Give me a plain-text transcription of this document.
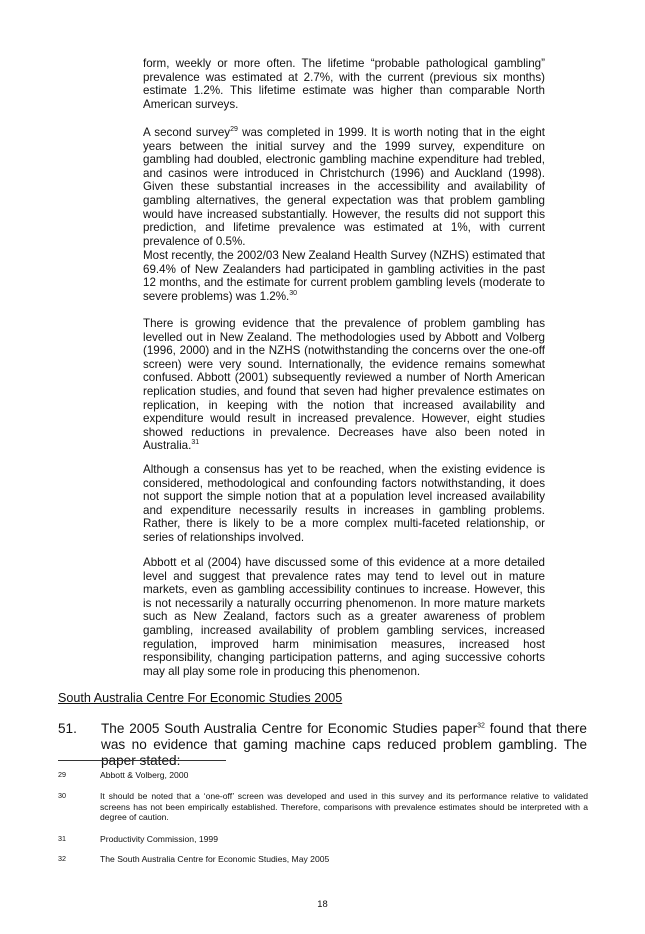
form, weekly or more often. The lifetime “probable pathological gambling” prevalence was estimated at 2.7%, with the current (previous six months) estimate 1.2%. This lifetime estimate was higher than comparable North American surveys.

A second survey$^{29}$ was completed in 1999. It is worth noting that in the eight years between the initial survey and the 1999 survey, expenditure on gambling had doubled, electronic gambling machine expenditure had trebled, and casinos were introduced in Christchurch (1996) and Auckland (1998). Given these substantial increases in the accessibility and availability of gambling alternatives, the general expectation was that problem gambling would have increased substantially. However, the results did not support this prediction, and lifetime prevalence was estimated at 1%, with current prevalence of 0.5%.

Most recently, the 2002/03 New Zealand Health Survey (NZHS) estimated that 69.4% of New Zealanders had participated in gambling activities in the past 12 months, and the estimate for current problem gambling levels (moderate to severe problems) was 1.2%.$^{30}$

There is growing evidence that the prevalence of problem gambling has levelled out in New Zealand. The methodologies used by Abbott and Volberg (1996, 2000) and in the NZHS (notwithstanding the concerns over the one-off screen) were very sound. Internationally, the evidence remains somewhat confused. Abbott (2001) subsequently reviewed a number of North American replication studies, and found that seven had higher prevalence estimates on replication, in keeping with the notion that increased availability and expenditure would result in increased prevalence. However, eight studies showed reductions in prevalence. Decreases have also been noted in Australia.$^{31}$

Although a consensus has yet to be reached, when the existing evidence is considered, methodological and confounding factors notwithstanding, it does not support the simple notion that at a population level increased availability and expenditure necessarily results in increases in gambling problems. Rather, there is likely to be a more complex multi-faceted relationship, or series of relationships involved.

Abbott et al (2004) have discussed some of this evidence at a more detailed level and suggest that prevalence rates may tend to level out in mature markets, even as gambling accessibility continues to increase. However, this is not necessarily a naturally occurring phenomenon. In more mature markets such as New Zealand, factors such as a greater awareness of problem gambling, increased availability of problem gambling services, increased regulation, improved harm minimisation measures, increased host responsibility, changing participation patterns, and aging successive cohorts may all play some role in producing this phenomenon.

South Australia Centre For Economic Studies 2005
51. The 2005 South Australia Centre for Economic Studies paper$^{32}$ found that there was no evidence that gaming machine caps reduced problem gambling. The paper stated:
29	Abbott & Volberg, 2000
30	It should be noted that a ‘one-off’ screen was developed and used in this survey and its performance relative to validated screens has not been empirically established. Therefore, comparisons with prevalence estimates should be interpreted with a degree of caution.
31	Productivity Commission, 1999
32	The South Australia Centre for Economic Studies, May 2005
18
